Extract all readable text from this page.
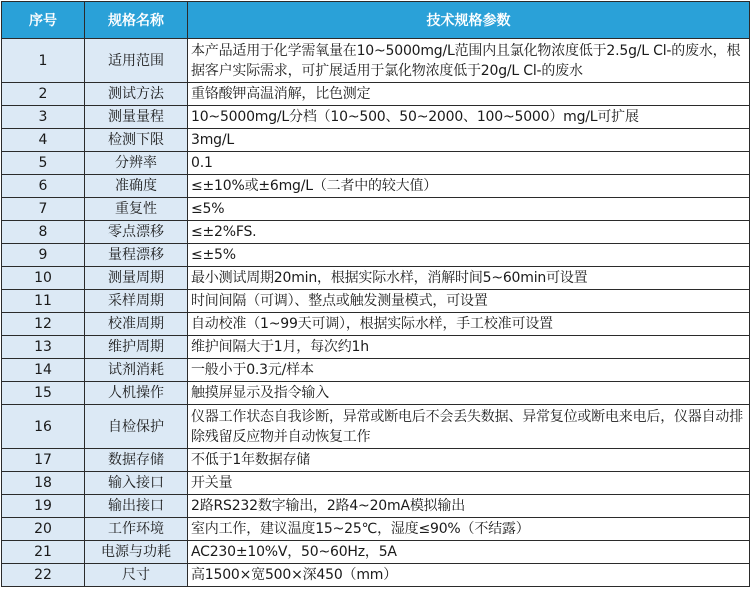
序号	规格名称	技术规格参数
1	适用范围	本产品适用于化学需氧量在10~5000mg/L范围内且氯化物浓度低于2.5g/L Cl-的废水，根据客户实际需求，可扩展适用于氯化物浓度低于20g/L Cl-的废水
2	测试方法	重铬酸钾高温消解，比色测定
3	测量量程	10~5000mg/L分档（10~500、50~2000、100~5000）mg/L可扩展
4	检测下限	3mg/L
5	分辨率	0.1
6	准确度	≤±10%或±6mg/L（二者中的较大值）
7	重复性	≤5%
8	零点漂移	≤±2%FS.
9	量程漂移	≤±5%
10	测量周期	最小测试周期20min，根据实际水样，消解时间5~60min可设置
11	采样周期	时间间隔（可调）、整点或触发测量模式，可设置
12	校准周期	自动校准（1~99天可调），根据实际水样，手工校准可设置
13	维护周期	维护间隔大于1月，每次约1h
14	试剂消耗	一般小于0.3元/样本
15	人机操作	触摸屏显示及指令输入
16	自检保护	仪器工作状态自我诊断，异常或断电后不会丢失数据、异常复位或断电来电后，仪器自动排除残留反应物并自动恢复工作
17	数据存储	不低于1年数据存储
18	输入接口	开关量
19	输出接口	2路RS232数字输出，2路4~20mA模拟输出
20	工作环境	室内工作，建议温度15~25℃，湿度≤90%（不结露）
21	电源与功耗	AC230±10%V，50~60Hz，5A
22	尺寸	高1500×宽500×深450（mm）
